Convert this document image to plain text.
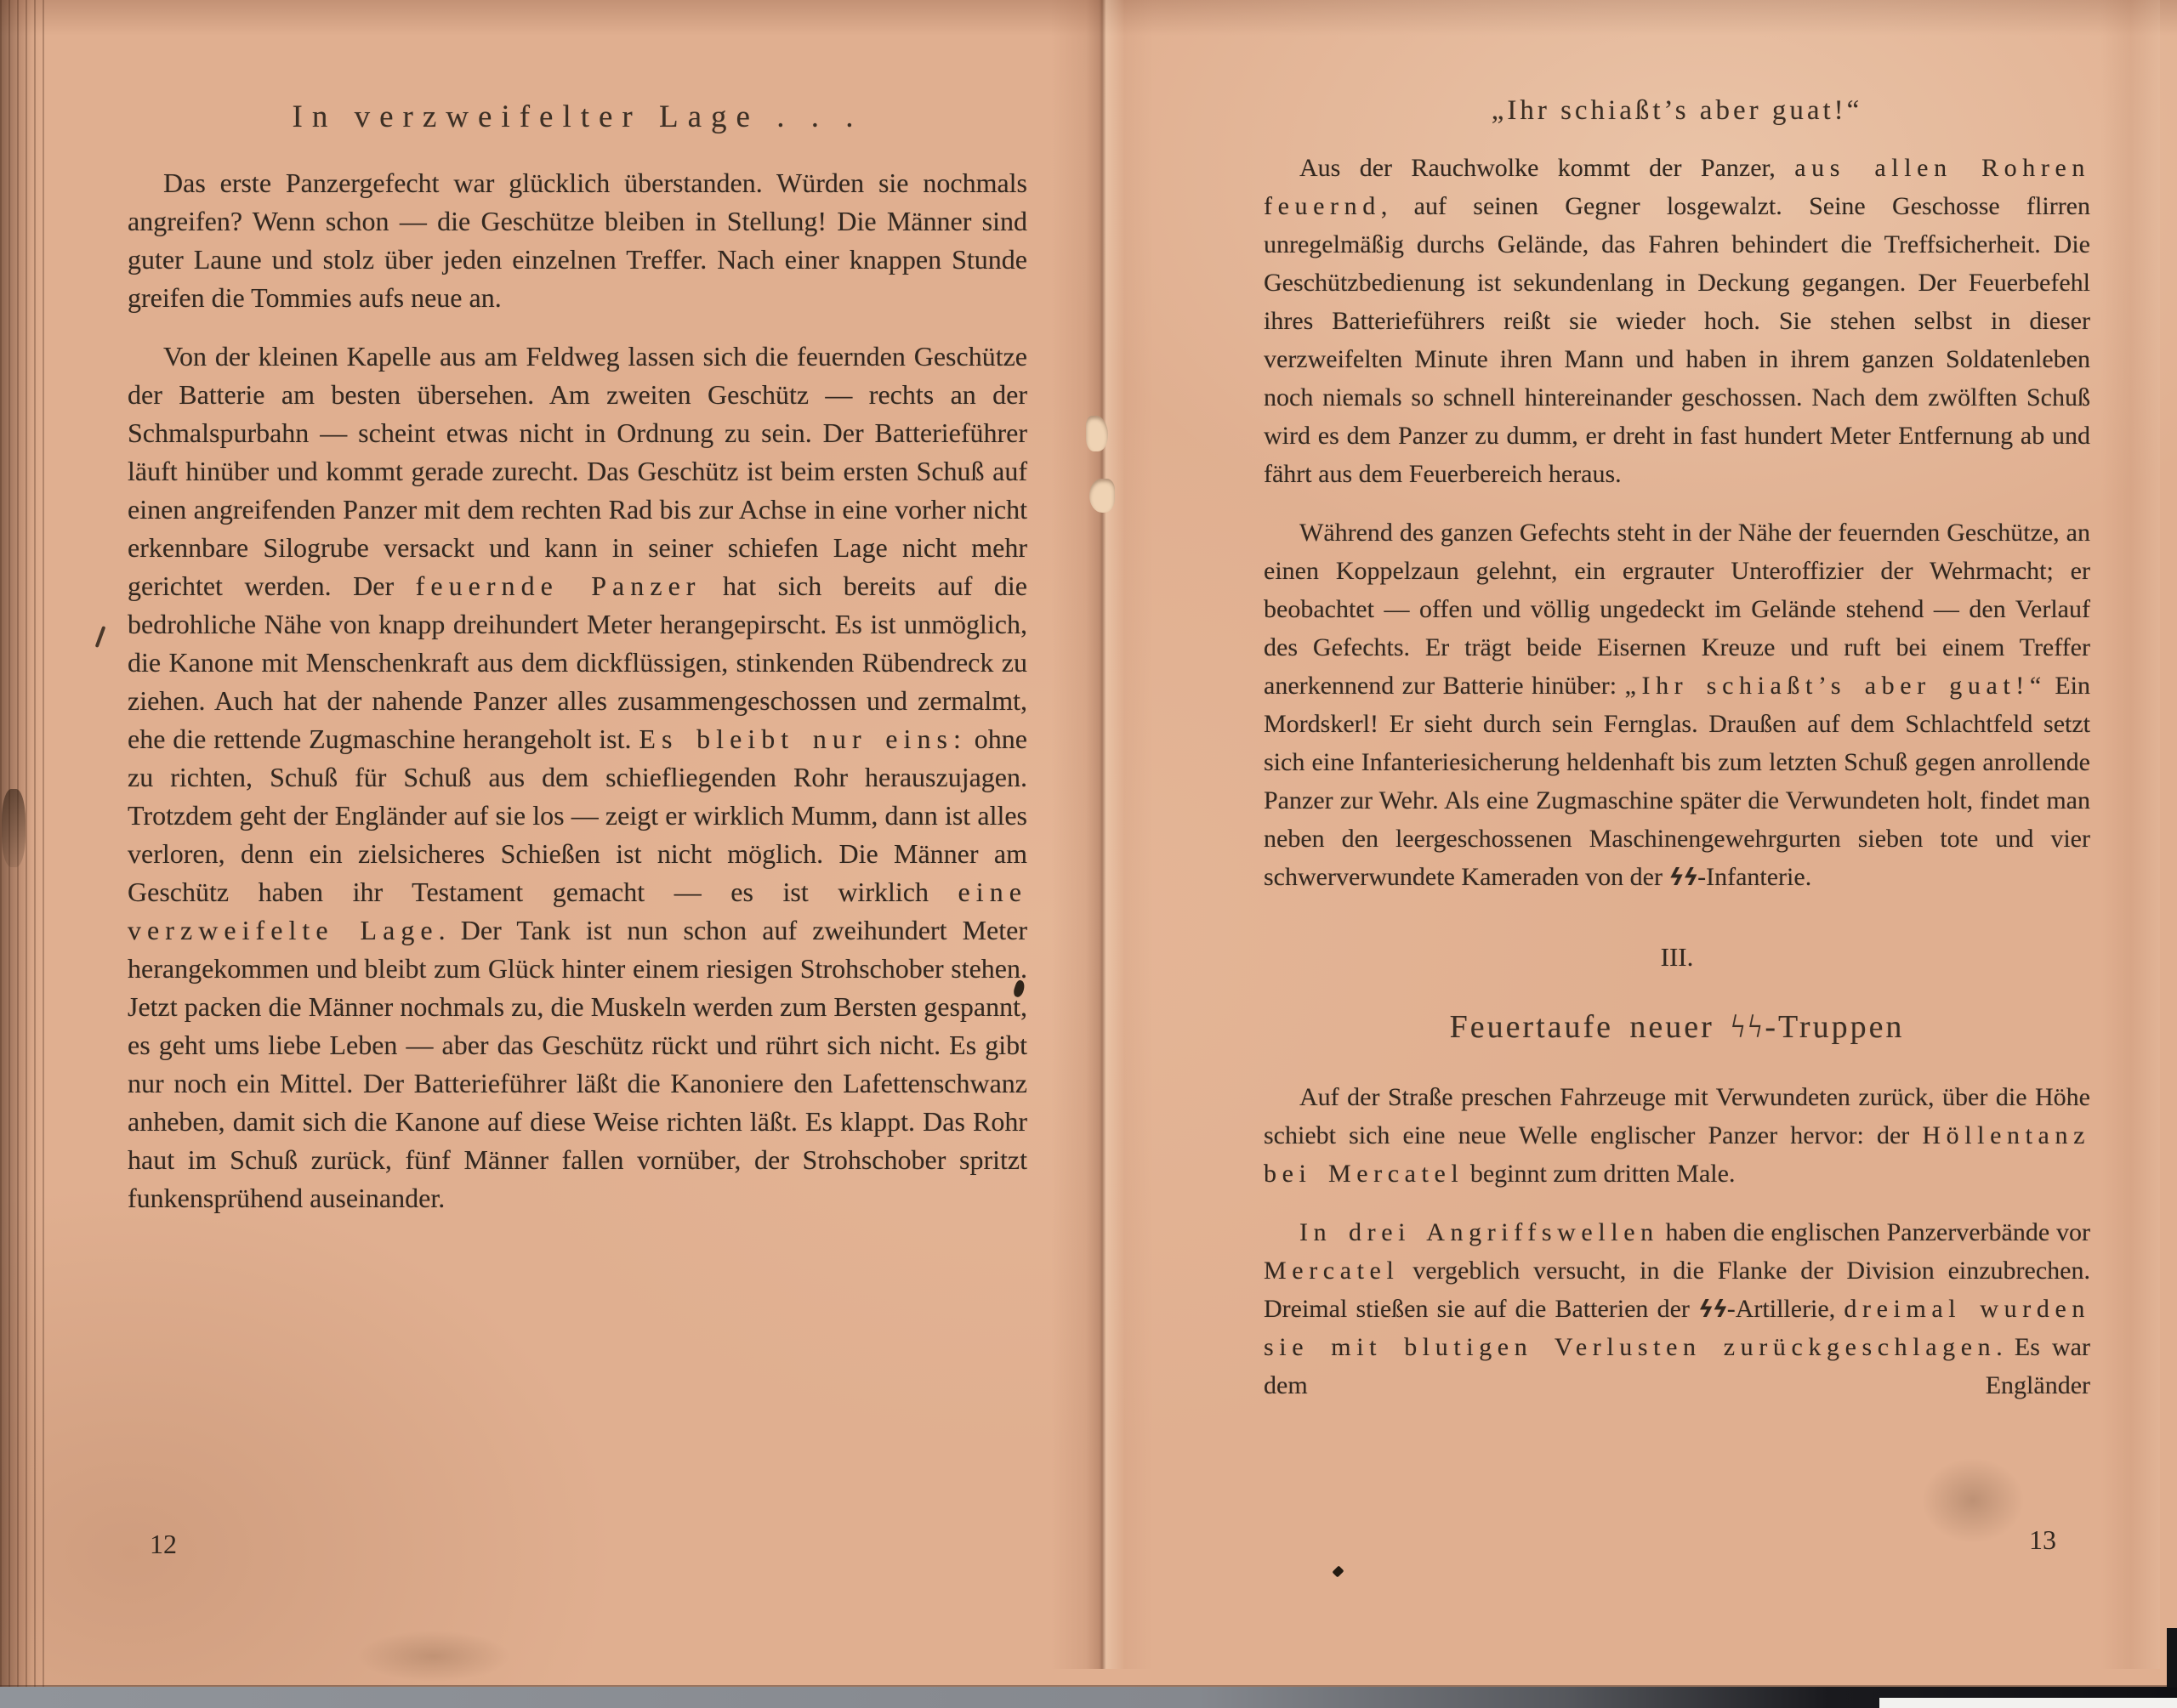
In verzweifelter Lage . . .

Das erste Panzergefecht war glücklich überstanden. Würden sie nochmals angreifen? Wenn schon — die Geschütze bleiben in Stellung! Die Männer sind guter Laune und stolz über jeden einzelnen Treffer. Nach einer knappen Stunde greifen die Tommies aufs neue an.

Von der kleinen Kapelle aus am Feldweg lassen sich die feuernden Geschütze der Batterie am besten übersehen. Am zweiten Geschütz — rechts an der Schmalspurbahn — scheint etwas nicht in Ordnung zu sein. Der Batterieführer läuft hinüber und kommt gerade zurecht. Das Geschütz ist beim ersten Schuß auf einen angreifenden Panzer mit dem rechten Rad bis zur Achse in eine vorher nicht erkennbare Silogrube versackt und kann in seiner schiefen Lage nicht mehr gerichtet werden. Der feuernde Panzer hat sich bereits auf die bedrohliche Nähe von knapp dreihundert Meter herangepirscht. Es ist unmöglich, die Kanone mit Menschenkraft aus dem dickflüssigen, stinkenden Rübendreck zu ziehen. Auch hat der nahende Panzer alles zusammengeschossen und zermalmt, ehe die rettende Zugmaschine herangeholt ist. Es bleibt nur eins: ohne zu richten, Schuß für Schuß aus dem schiefliegenden Rohr herauszujagen. Trotzdem geht der Engländer auf sie los — zeigt er wirklich Mumm, dann ist alles verloren, denn ein zielsicheres Schießen ist nicht möglich. Die Männer am Geschütz haben ihr Testament gemacht — es ist wirklich eine verzweifelte Lage. Der Tank ist nun schon auf zweihundert Meter herangekommen und bleibt zum Glück hinter einem riesigen Strohschober stehen. Jetzt packen die Männer nochmals zu, die Muskeln werden zum Bersten gespannt, es geht ums liebe Leben — aber das Geschütz rückt und rührt sich nicht. Es gibt nur noch ein Mittel. Der Batterieführer läßt die Kanoniere den Lafettenschwanz anheben, damit sich die Kanone auf diese Weise richten läßt. Es klappt. Das Rohr haut im Schuß zurück, fünf Männer fallen vornüber, der Strohschober spritzt funkensprühend auseinander.

„Ihr schiaßt’s aber guat!“

Aus der Rauchwolke kommt der Panzer, aus allen Rohren feuernd, auf seinen Gegner losgewalzt. Seine Geschosse flirren unregelmäßig durchs Gelände, das Fahren behindert die Treffsicherheit. Die Geschützbedienung ist sekundenlang in Deckung gegangen. Der Feuerbefehl ihres Batterieführers reißt sie wieder hoch. Sie stehen selbst in dieser verzweifelten Minute ihren Mann und haben in ihrem ganzen Soldatenleben noch niemals so schnell hintereinander geschossen. Nach dem zwölften Schuß wird es dem Panzer zu dumm, er dreht in fast hundert Meter Entfernung ab und fährt aus dem Feuerbereich heraus.

Während des ganzen Gefechts steht in der Nähe der feuernden Geschütze, an einen Koppelzaun gelehnt, ein ergrauter Unteroffizier der Wehrmacht; er beobachtet — offen und völlig ungedeckt im Gelände stehend — den Verlauf des Gefechts. Er trägt beide Eisernen Kreuze und ruft bei einem Treffer anerkennend zur Batterie hinüber: „Ihr schiaßt’s aber guat!“ Ein Mordskerl! Er sieht durch sein Fernglas. Draußen auf dem Schlachtfeld setzt sich eine Infanteriesicherung heldenhaft bis zum letzten Schuß gegen anrollende Panzer zur Wehr. Als eine Zugmaschine später die Verwundeten holt, findet man neben den leergeschossenen Maschinengewehrgurten sieben tote und vier schwerverwundete Kameraden von der ϟϟ-Infanterie.

III.
Feuertaufe neuer ϟϟ-Truppen

Auf der Straße preschen Fahrzeuge mit Verwundeten zurück, über die Höhe schiebt sich eine neue Welle englischer Panzer hervor: der Höllentanz bei Mercatel beginnt zum dritten Male.

In drei Angriffswellen haben die englischen Panzerverbände vor Mercatel vergeblich versucht, in die Flanke der Division einzubrechen. Dreimal stießen sie auf die Batterien der ϟϟ-Artillerie, dreimal wurden sie mit blutigen Verlusten zurückgeschlagen. Es war dem Engländer

12	13
